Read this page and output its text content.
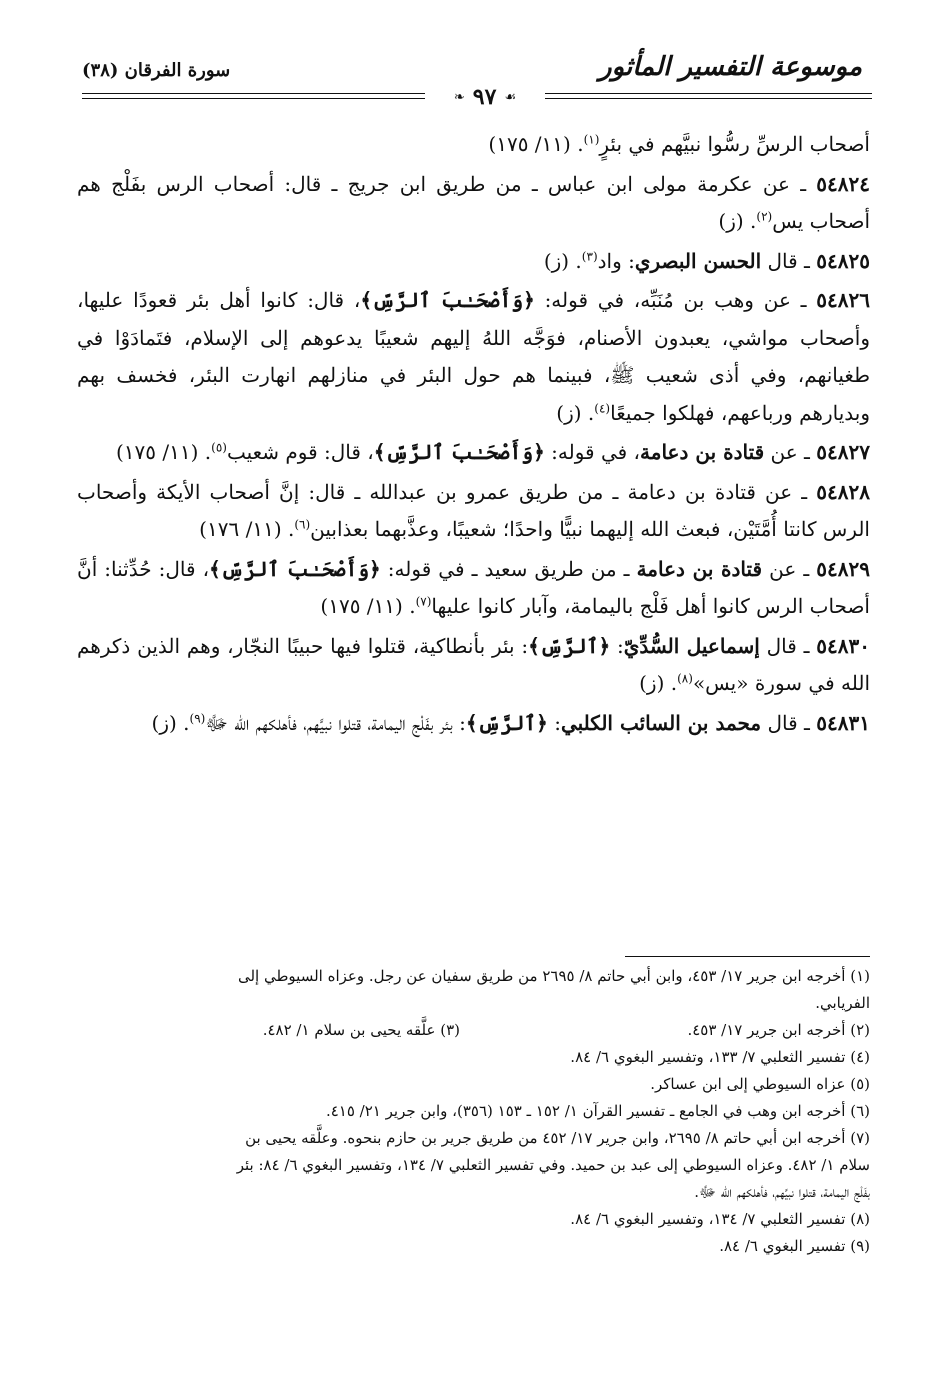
موسوعة التفسير المأثور
سورة الفرقان (٣٨)
❧ ٩٧ ☙
أصحاب الرسِّ رسُّوا نبيَّهم في بئرٍ$^{(١)}$. (١١/ ١٧٥)
٥٤٨٢٤ ـ عن عكرمة مولى ابن عباس ـ من طريق ابن جريج ـ قال: أصحاب الرس بفَلْج هم أصحاب يس$^{(٢)}$. (ز)
٥٤٨٢٥ ـ قال الحسن البصري: واد$^{(٣)}$. (ز)
٥٤٨٢٦ ـ عن وهب بن مُنَبِّه، في قوله: ﴿وَأَصْحَـٰبَ ٱلرَّسِّ﴾، قال: كانوا أهل بئر قعودًا عليها، وأصحاب مواشي، يعبدون الأصنام، فوَجَّه اللهُ إليهم شعيبًا يدعوهم إلى الإسلام، فتَمادَوْا في طغيانهم، وفي أذى شعيب ﷺ، فبينما هم حول البئر في منازلهم انهارت البئر، فخسف بهم وبديارهم ورباعهم، فهلكوا جميعًا$^{(٤)}$. (ز)
٥٤٨٢٧ ـ عن قتادة بن دعامة، في قوله: ﴿وَأَصْحَـٰبَ ٱلرَّسِّ﴾، قال: قوم شعيب$^{(٥)}$. (١١/ ١٧٥)
٥٤٨٢٨ ـ عن قتادة بن دعامة ـ من طريق عمرو بن عبدالله ـ قال: إنَّ أصحاب الأيكة وأصحاب الرس كانتا أُمَّتَيْن، فبعث الله إليهما نبيًّا واحدًا؛ شعيبًا، وعذَّبهما بعذابين$^{(٦)}$. (١١/ ١٧٦)
٥٤٨٢٩ ـ عن قتادة بن دعامة ـ من طريق سعيد ـ في قوله: ﴿وَأَصْحَـٰبَ ٱلرَّسِّ﴾، قال: حُدِّثنا: أنَّ أصحاب الرس كانوا أهل فَلْج باليمامة، وآبار كانوا عليها$^{(٧)}$. (١١/ ١٧٥)
٥٤٨٣٠ ـ قال إسماعيل السُّدِّيّ: ﴿ٱلرَّسِّ﴾: بئر بأنطاكية، قتلوا فيها حبيبًا النجّار، وهم الذين ذكرهم الله في سورة «يس»$^{(٨)}$. (ز)
٥٤٨٣١ ـ قال محمد بن السائب الكلبي: ﴿ٱلرَّسِّ﴾: بئر بفَلْج اليمامة، قتلوا نبيَّهم، فأهلكهم الله ﷻ$^{(٩)}$. (ز)
(١) أخرجه ابن جرير ١٧/ ٤٥٣، وابن أبي حاتم ٨/ ٢٦٩٥ من طريق سفيان عن رجل. وعزاه السيوطي إلى
الفريابي.
(٢) أخرجه ابن جرير ١٧/ ٤٥٣.
(٣) علَّقه يحيى بن سلام ١/ ٤٨٢.
(٤) تفسير الثعلبي ٧/ ١٣٣، وتفسير البغوي ٦/ ٨٤.
(٥) عزاه السيوطي إلى ابن عساكر.
(٦) أخرجه ابن وهب في الجامع ـ تفسير القرآن ١/ ١٥٢ ـ ١٥٣ (٣٥٦)، وابن جرير ٢١/ ٤١٥.
(٧) أخرجه ابن أبي حاتم ٨/ ٢٦٩٥، وابن جرير ١٧/ ٤٥٢ من طريق جرير بن حازم بنحوه. وعلَّقه يحيى بن
سلام ١/ ٤٨٢. وعزاه السيوطي إلى عبد بن حميد. وفي تفسير الثعلبي ٧/ ١٣٤، وتفسير البغوي ٦/ ٨٤: بئر
بفَلْج اليمامة، قتلوا نبيَّهم، فأهلكهم الله ﷻ.
(٨) تفسير الثعلبي ٧/ ١٣٤، وتفسير البغوي ٦/ ٨٤.
(٩) تفسير البغوي ٦/ ٨٤.
